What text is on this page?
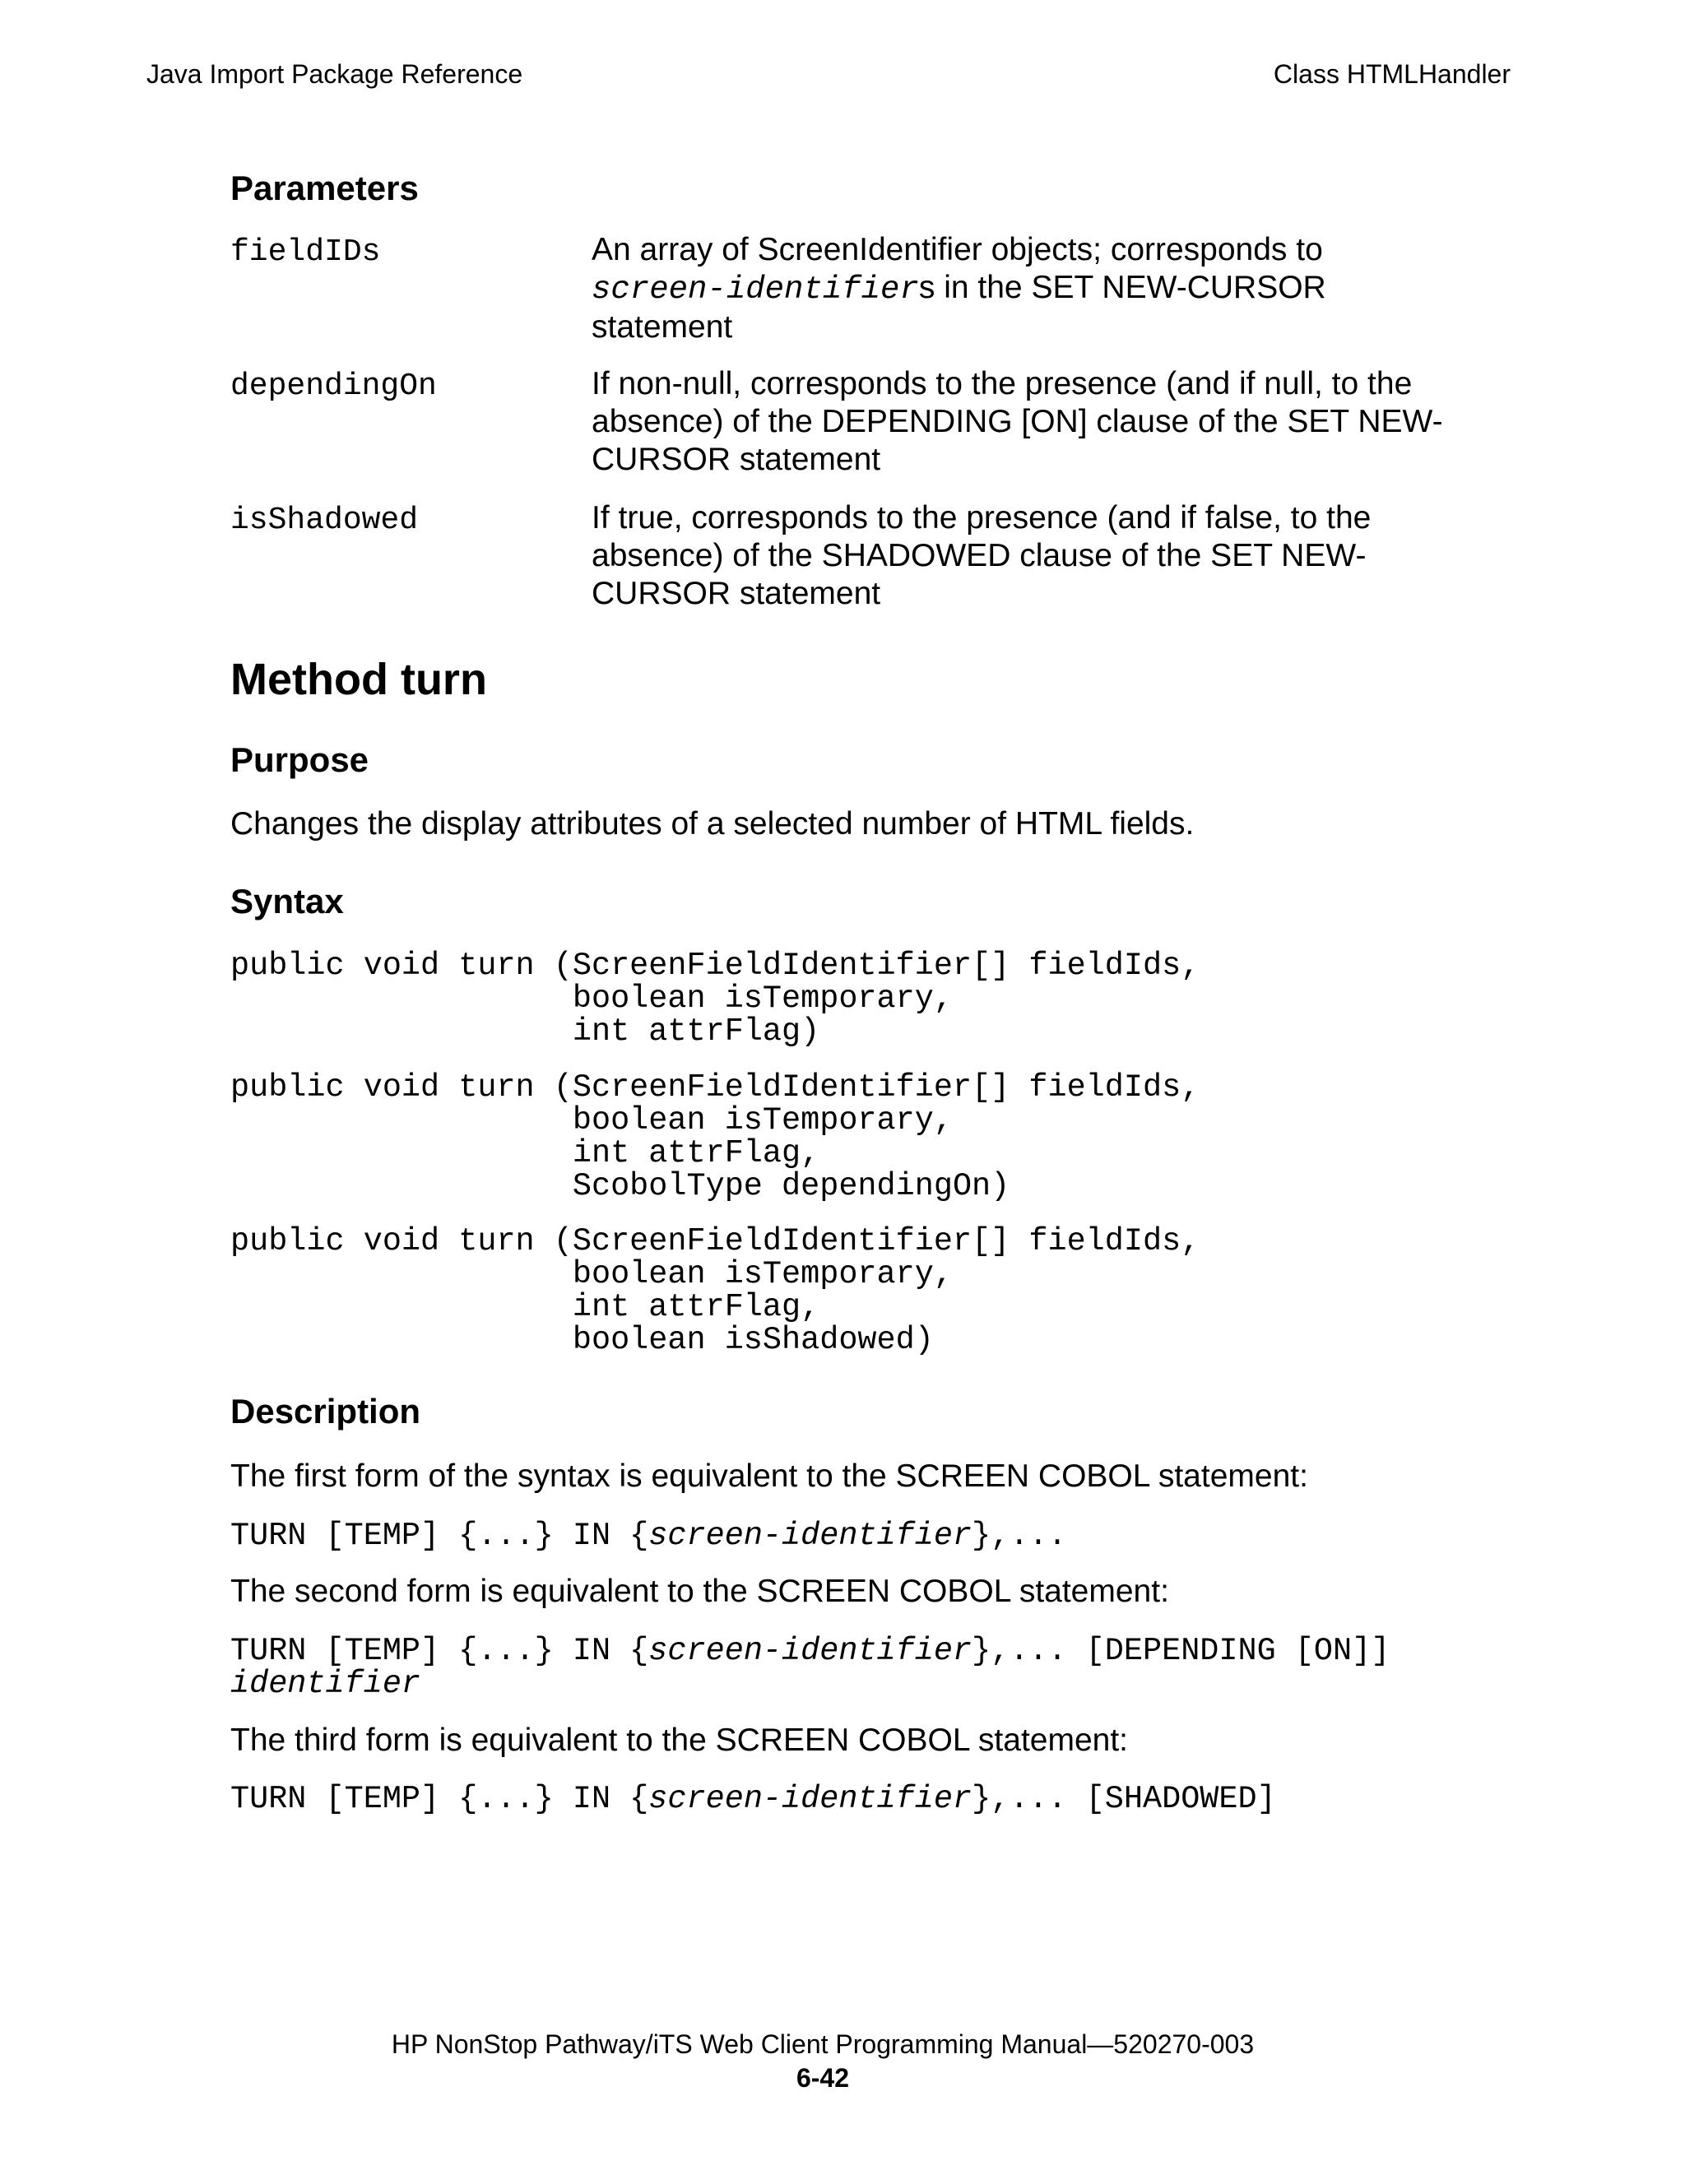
Java Import Package Reference	Class HTMLHandler
Parameters
fieldIDs	An array of ScreenIdentifier objects; corresponds to
screen-identifiers in the SET NEW-CURSOR statement
dependingOn	If non-null, corresponds to the presence (and if null, to the absence) of the DEPENDING [ON] clause of the SET NEW-CURSOR statement
isShadowed	If true, corresponds to the presence (and if false, to the absence) of the SHADOWED clause of the SET NEW-CURSOR statement
Method turn
Purpose
Changes the display attributes of a selected number of HTML fields.
Syntax
public void turn (ScreenFieldIdentifier[] fieldIds,
boolean isTemporary,
int attrFlag)
public void turn (ScreenFieldIdentifier[] fieldIds,
boolean isTemporary,
int attrFlag,
ScobolType dependingOn)
public void turn (ScreenFieldIdentifier[] fieldIds,
boolean isTemporary,
int attrFlag,
boolean isShadowed)
Description
The first form of the syntax is equivalent to the SCREEN COBOL statement:
TURN [TEMP] {...} IN {screen-identifier},...
The second form is equivalent to the SCREEN COBOL statement:
TURN [TEMP] {...} IN {screen-identifier},... [DEPENDING [ON]]
identifier
The third form is equivalent to the SCREEN COBOL statement:
TURN [TEMP] {...} IN {screen-identifier},... [SHADOWED]
HP NonStop Pathway/iTS Web Client Programming Manual—520270-003
6-42
